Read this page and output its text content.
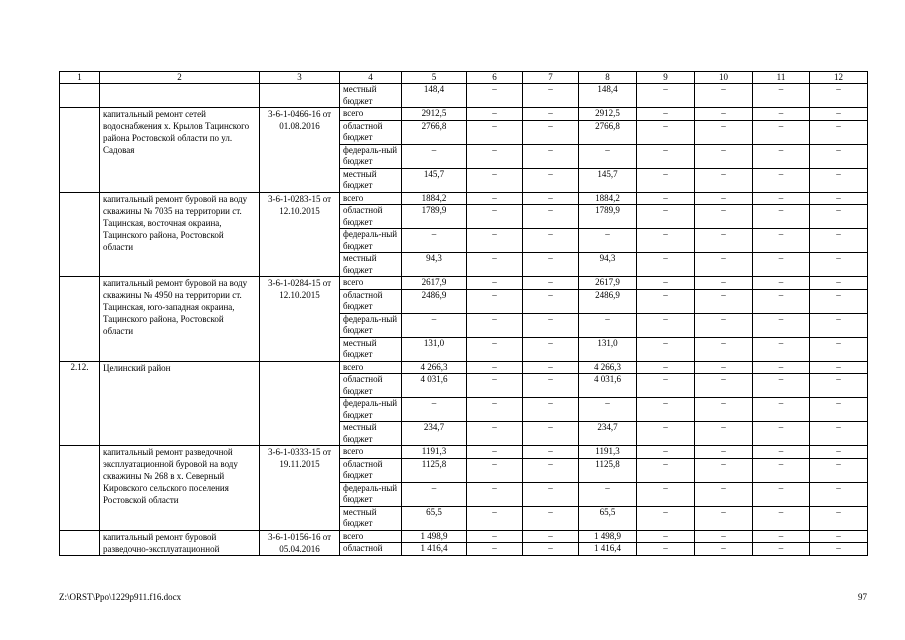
1	2	3	4	5	6	7	8	9	10	11	12
			местный бюджет	148,4	–	–	148,4	–	–	–	–
	капитальный ремонт сетей водоснабжения х. Крылов Тацинского района Ростовской области по ул. Садовая	3-6-1-0466-16 от 01.08.2016	всего	2912,5	–	–	2912,5	–	–	–	–
			областной бюджет	2766,8	–	–	2766,8	–	–	–	–
			федераль-ный бюджет	–	–	–	–	–	–	–	–
			местный бюджет	145,7	–	–	145,7	–	–	–	–
	капитальный ремонт буровой на воду скважины № 7035 на территории ст. Тацинская, восточная окраина, Тацинского района, Ростовской области	3-6-1-0283-15 от 12.10.2015	всего	1884,2	–	–	1884,2	–	–	–	–
			областной бюджет	1789,9	–	–	1789,9	–	–	–	–
			федераль-ный бюджет	–	–	–	–	–	–	–	–
			местный бюджет	94,3	–	–	94,3	–	–	–	–
	капитальный ремонт буровой на воду скважины № 4950 на территории ст. Тацинская, юго-западная окраина, Тацинского района, Ростовской области	3-6-1-0284-15 от 12.10.2015	всего	2617,9	–	–	2617,9	–	–	–	–
			областной бюджет	2486,9	–	–	2486,9	–	–	–	–
			федераль-ный бюджет	–	–	–	–	–	–	–	–
			местный бюджет	131,0	–	–	131,0	–	–	–	–
2.12.	Целинский район		всего	4 266,3	–	–	4 266,3	–	–	–	–
			областной бюджет	4 031,6	–	–	4 031,6	–	–	–	–
			федераль-ный бюджет	–	–	–	–	–	–	–	–
			местный бюджет	234,7	–	–	234,7	–	–	–	–
	капитальный ремонт разведочной эксплуатационной буровой на воду скважины № 268 в х. Северный Кировского сельского поселения Ростовской области	3-6-1-0333-15 от 19.11.2015	всего	1191,3	–	–	1191,3	–	–	–	–
			областной бюджет	1125,8	–	–	1125,8	–	–	–	–
			федераль-ный бюджет	–	–	–	–	–	–	–	–
			местный бюджет	65,5	–	–	65,5	–	–	–	–
	капитальный ремонт буровой разведочно-эксплуатационной	3-6-1-0156-16 от 05.04.2016	всего	1 498,9	–	–	1 498,9	–	–	–	–
			областной	1 416,4	–	–	1 416,4	–	–	–	–
Z:\ORST\Ppo\1229p911.f16.docx	97
